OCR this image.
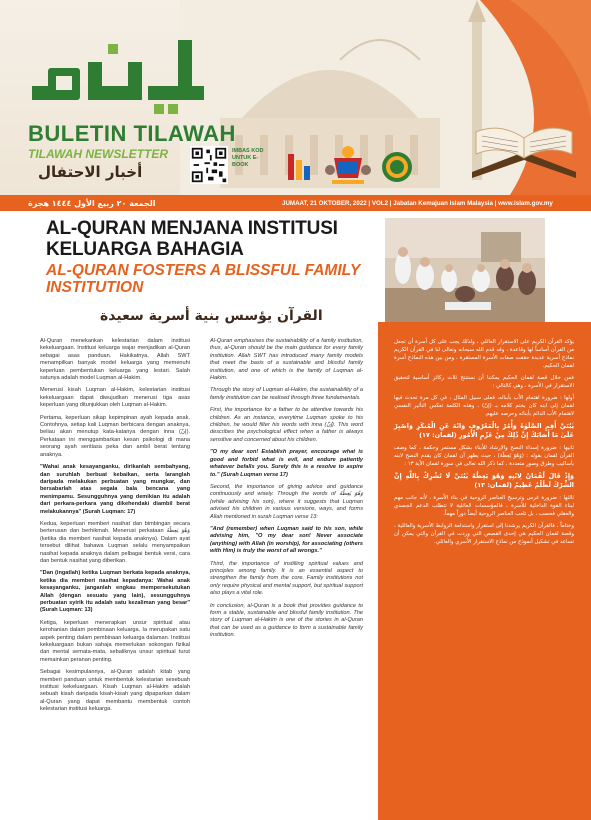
BULETIN TILAWAH
TILAWAH NEWSLETTER
أخبار الاحتفال
IMBAS KOD UNTUK E-BOOK
الجمعة ٢٠ ربيع الأول ١٤٤٤ هجرة	JUMAAT, 21 OKTOBER, 2022 | VOL2 | Jabatan Kemajuan Islam Malaysia | www.islam.gov.my
AL-QURAN MENJANA INSTITUSI KELUARGA BAHAGIA
AL-QURAN FOSTERS A BLISSFUL FAMILY INSTITUTION
القرآن يؤسس بنية أسرية سعيدة

Al-Quran menekankan kelestarian dalam institusi kekeluargaan. Institusi keluarga wajar menjadikan al-Quran sebagai asas panduan. Hakikatnya, Allah SWT menampilkan banyak model keluarga yang memenuhi keperluan pembentukan keluarga yang lestari. Salah satunya adalah model Luqman al-Hakim.

Menerusi kisah Luqman al-Hakim, kelestarian institusi kekeluargaan dapat diwujudkan menerusi tiga asas keperluan yang ditunjukkan oleh Luqman al-Hakim.

Pertama, keperluan sikap kepimpinan ayah kepada anak. Contohnya, setiap kali Luqman berbicara dengan anaknya, beliau akan menutup kata-katanya dengan inna (إنّ). Perkataan ini menggambarkan kesan psikologi di mana seorang ayah sentiasa peka dan ambil berat tentang anaknya.

"Wahai anak kesayanganku, dirikanlah sembahyang, dan suruhlah berbuat kebaikan, serta laranglah daripada melakukan perbuatan yang mungkar, dan bersabarlah atas segala bala bencana yang menimpamu. Sesungguhnya yang demikian itu adalah dari perkara-perkara yang dikehendaki diambil berat melakukannya" (Surah Luqman: 17)

Kedua, keperluan memberi nasihat dan bimbingan secara berterusan dan berhikmah. Menerusi perkataan وَهُوَ يَعِظُهُ (ketika dia memberi nasihat kepada anaknya). Dalam ayat tersebut dilihat bahawa Luqman selalu menyampaikan nasihat kepada anaknya dalam pelbagai bentuk versi, cara dan bentuk nasihat yang diberikan.

"Dan (ingatlah) ketika Luqman berkata kepada anaknya, ketika dia memberi nasihat kepadanya: Wahai anak kesayanganku, janganlah engkau mempersekutukan Allah (dengan sesuatu yang lain), sesungguhnya perbuatan syirik itu adalah satu kezaliman yang besar" (Surah Luqman: 13)

Ketiga, keperluan menerapkan unsur spiritual atau kerohanian dalam pembinaan keluarga. Ia merupakan satu aspek penting dalam pembinaan keluarga dalaman. Institusi kekeluargaan bukan sahaja memerlukan sokongan fizikal dan mental semata-mata, sebaliknya unsur spiritual turut memainkan peranan penting.

Sebagai kesimpulannya, al-Quran adalah kitab yang memberi panduan untuk membentuk kelestarian sesebuah institusi kekeluargaan. Kisah Luqman al-Hakim adalah sebuah kisah daripada kisah-kisah yang dipaparkan dalam al-Quran yang dapat membantu membentuk contoh kelestarian institusi keluarga.

Al-Quran emphasises the sustainability of a family institution, thus, al-Quran should be the main guidance for every family institution. Allah SWT has introduced many family models that meet the basis of a sustainable and blissful family institution, and one of which is the family of Luqman al-Hakim.

Through the story of Luqman al-Hakim, the sustainability of a family institution can be realised through three fundamentals.

First, the importance for a father to be attentive towards his children. As an instance, everytime Luqman spoke to his children, he would filter his words with inna (إنّ). This word describes the psychological effect when a father is always sensitive and concerned about his children.

"O my dear son! Establish prayer, encourage what is good and forbid what is evil, and endure patiently whatever befalls you. Surely this is a resolve to aspire to." (Surah Luqman verse 17)

Second, the importance of giving advice and guidance continuously and wisely. Through the words of وَهُوَ يَعِظُهُ (while advising his son), where it suggests that Luqman advised his children in various versions, ways, and forms Allah mentioned in surah Luqman verse 13:

"And (remember) when Luqman said to his son, while advising him, "O my dear son! Never associate (anything) with Allah (in worship), for associating (others with Him) is truly the worst of all wrongs."

Third, the importance of instilling spiritual values and principles among family. It is an essential aspect to strengthen the family from the core. Family institutions not only require physical and mental support, but spiritual support also plays a vital role.

In conclusion, al-Quran is a book that provides guidance to form a stable, sustainable and blissful family institution. The story of Luqman al-Hakim is one of the stories in al-Quran that can be used as a guidance to form a sustainable family institution.

يؤكد القرآن الكريم على الاستقرار العائلي ، ولذلك يجب على كل أسرة أن تجعل من القرآن أساساً لها وقاعدة ، وقد قدم الله سبحانه وتعالى لنا في القرآن الكريم نماذج أسرية عديدة حققت صفات الأسرة المستقرة ، ومن بين هذه النماذج أسرة لقمان الحكيم.

فمن خلال قصة لقمان الحكيم يمكننا أن نستنتج ثلاث ركائز أساسية لتحقيق الاستقرار في الأسرة ، وهي كالتالي :

أولها : ضرورة اهتمام الأب بأبنائه، فعلى سبيل المثال ، في كل مرة تحدث فيها لقمان إلى ابنه كان يختم كلامه بـ (إنّ) ، وهذه الكلمة تعكس التأثير النفسي لاهتمام الأب الدائم بأبنائه وحرصه عليهم.

يٰبُنَيَّ أَقِمِ الصَّلَوٰةَ وَأْمُرْ بِالْمَعْرُوفِ وَانْهَ عَنِ الْمُنكَرِ وَاصْبِرْ عَلَىٰ مَا أَصَابَكَ إِنَّ ذَٰلِكَ مِنْ عَزْمِ الْأُمُورِ (لقمان: ١٧)

ثانيها : ضرورة إسداء النصح والإرشاد للأبناء بشكل مستمر وحكمة ، كما وصف القرآن لقمان بقوله : (وَهُوَ يَعِظُهُ) ، حيث يظهر أن لقمان كان يقدم النصح لابنه بأساليب وطرق وصور متعددة ، كما ذكر الله تعالى في سورة لقمان الآية ١٣ :

وَإِذْ قَالَ لُقْمَانُ لِابْنِهِ وَهُوَ يَعِظُهُ يٰبُنَيَّ لَا تُشْرِكْ بِاللَّهِ إِنَّ الشِّرْكَ لَظُلْمٌ عَظِيمٌ (لقمان: ١٣)

ثالثها : ضرورة غرس وترسيخ العناصر الروحية في بناء الأسرة ، لأنه جانب مهم لبناء القوة الداخلية للأسرة ، فالمؤسسات العائلية لا تتطلب الدعم الجسدي والعقلي فحسب ، بل تلعب العناصر الروحية أيضاً دوراً مهماً.

وختاماً ، فالقرآن الكريم يرشدنا إلى استقرار واستدامة الروابط الأسرية والعائلية ، وقصة لقمان الحكيم هي إحدى القصص التي وردت في القرآن والتي يمكن أن تساعد في تشكيل أنموذج من نماذج الاستقرار الأسري والعائلي.
